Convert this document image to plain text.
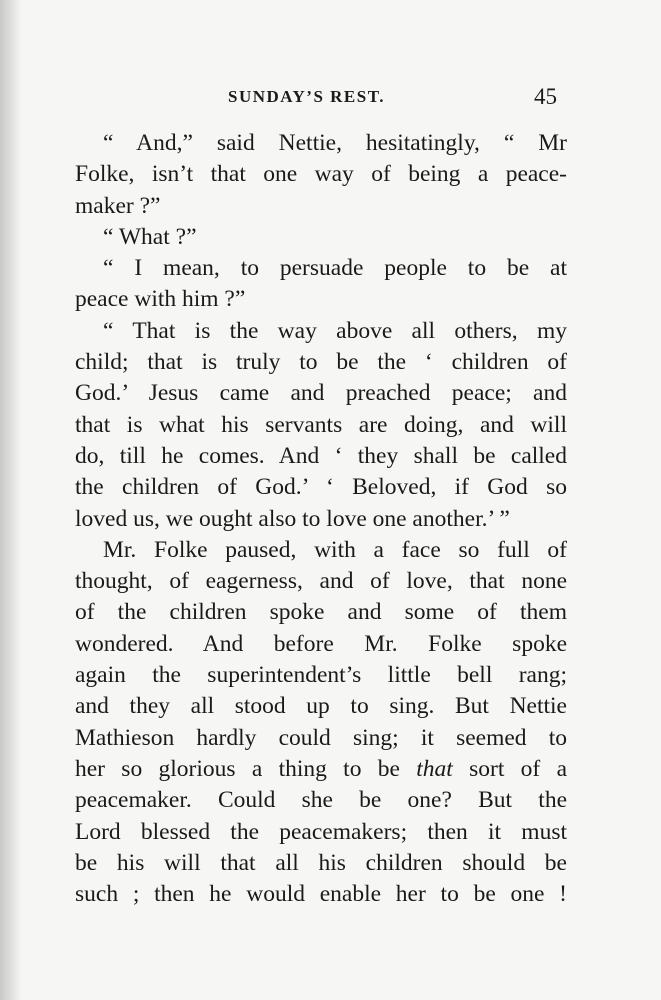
SUNDAY’S REST.	45
“ And,” said Nettie, hesitatingly, “ Mr
Folke, isn’t that one way of being a peace-
maker ?”
“ What ?”
“ I mean, to persuade people to be at
peace with him ?”
“ That is the way above all others, my
child; that is truly to be the ‘ children of
God.’ Jesus came and preached peace; and
that is what his servants are doing, and will
do, till he comes. And ‘ they shall be called
the children of God.’ ‘ Beloved, if God so
loved us, we ought also to love one another.’ ”
Mr. Folke paused, with a face so full of
thought, of eagerness, and of love, that none
of the children spoke and some of them
wondered. And before Mr. Folke spoke
again the superintendent’s little bell rang;
and they all stood up to sing. But Nettie
Mathieson hardly could sing; it seemed to
her so glorious a thing to be that sort of a
peacemaker. Could she be one? But the
Lord blessed the peacemakers; then it must
be his will that all his children should be
such ; then he would enable her to be one !
